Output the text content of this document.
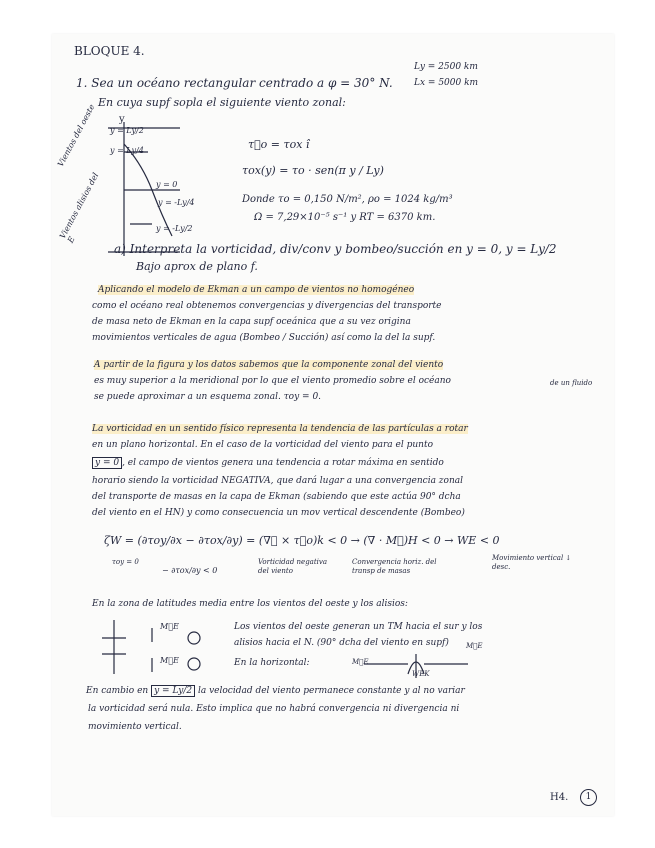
BLOQUE 4.
1. Sea un océano rectangular centrado a φ = 30° N.
Ly = 2500 km
Lx = 5000 km
En cuya supf sopla el siguiente viento zonal:
y
y = Ly/2
y = Ly/4
y = 0
y = -Ly/4
y = -Ly/2
Vientos del oeste
Vientos alisios del E
τ⃗o = τox î
τox(y) = τo · sen(π y / Ly)
Donde τo = 0,150 N/m², ρo = 1024 kg/m³
Ω = 7,29×10⁻⁵ s⁻¹ y RT = 6370 km.
a) Interpreta la vorticidad, div/conv y bombeo/succión en y = 0, y = Ly/2
Bajo aprox de plano f.
Aplicando el modelo de Ekman a un campo de vientos no homogéneo
como el océano real obtenemos convergencias y divergencias del transporte
de masa neto de Ekman en la capa supf oceánica que a su vez origina
movimientos verticales de agua (Bombeo / Succión) así como la del la supf.
A partir de la figura y los datos sabemos que la componente zonal del viento
es muy superior a la meridional por lo que el viento promedio sobre el océano
se puede aproximar a un esquema zonal. τoy = 0.
de un fluido
La vorticidad en un sentido físico representa la tendencia de las partículas a rotar
en un plano horizontal. En el caso de la vorticidad del viento para el punto
y = 0 , el campo de vientos genera una tendencia a rotar máxima en sentido
horario siendo la vorticidad NEGATIVA, que dará lugar a una convergencia zonal
del transporte de masas en la capa de Ekman (sabiendo que este actúa 90° dcha
del viento en el HN) y como consecuencia un mov vertical descendente (Bombeo)
ζW = (∂τoy/∂x − ∂τox/∂y) = (∇⃗ × τ⃗o)k < 0 → (∇ · M⃗)H < 0 → WE < 0
τoy = 0
− ∂τox/∂y < 0
Vorticidad negativa del viento
Convergencia horiz. del transp de masas
Movimiento vertical ↓ desc.
En la zona de latitudes media entre los vientos del oeste y los alisios:
M⃗E
M⃗E
Los vientos del oeste generan un TM hacia el sur y los
alisios hacia el N. (90° dcha del viento en supf)
En la horizontal:	M⃗E
M⃗E
WEK
En cambio en y = Ly/2 la velocidad del viento permanece constante y al no variar
la vorticidad será nula. Esto implica que no habrá convergencia ni divergencia ni
movimiento vertical.
H4.	1
